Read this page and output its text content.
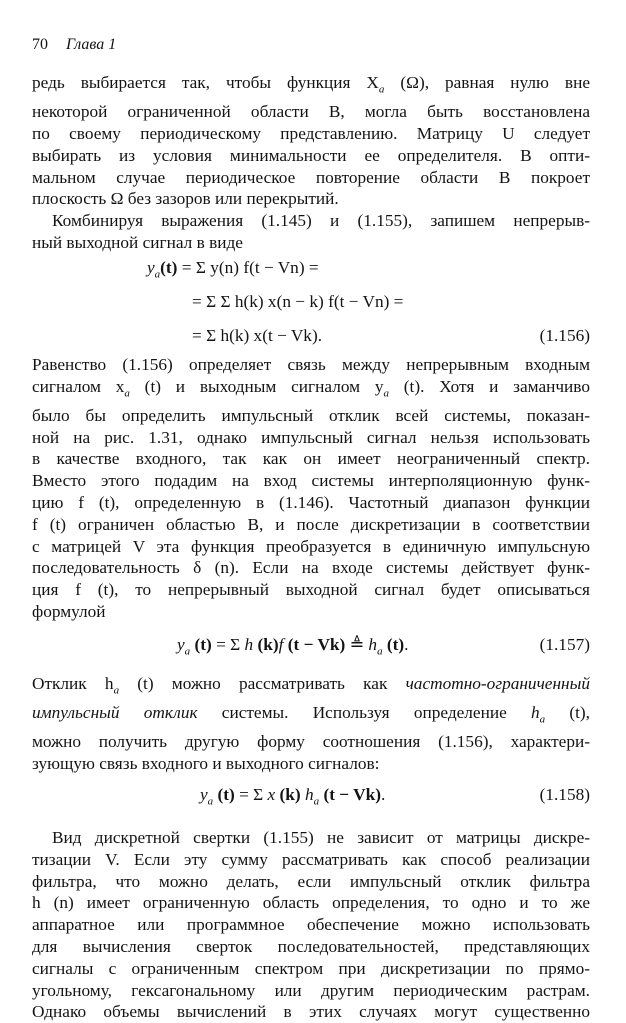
70 Глава 1
редь выбирается так, чтобы функция $X_a$ (Ω), равная нулю вне
некоторой ограниченной области B, могла быть восстановлена
по своему периодическому представлению. Матрицу U следует
выбирать из условия минимальности ее определителя. В опти-
мальном случае периодическое повторение области B покроет
плоскость Ω без зазоров или перекрытий.
Комбинируя выражения (1.145) и (1.155), запишем непрерыв-
ный выходной сигнал в виде
$y_a(t) = \Sigma$ y(n) f(t − Vn) =
= Σ Σ h(k) x(n − k) f(t − Vn) =
= Σ h(k) x(t − Vk).	(1.156)
Равенство (1.156) определяет связь между непрерывным входным
сигналом $x_a$ (t) и выходным сигналом $y_a$ (t). Хотя и заманчиво
было бы определить импульсный отклик всей системы, показан-
ной на рис. 1.31, однако импульсный сигнал нельзя использовать
в качестве входного, так как он имеет неограниченный спектр.
Вместо этого подадим на вход системы интерполяционную функ-
цию f (t), определенную в (1.146). Частотный диапазон функции
f (t) ограничен областью B, и после дискретизации в соответствии
с матрицей V эта функция преобразуется в единичную импульсную
последовательность δ (n). Если на входе системы действует функ-
ция f (t), то непрерывный выходной сигнал будет описываться
формулой
$y_a$ (t) = Σ h (k)f (t − Vk) ≜ $h_a$ (t).	(1.157)
Отклик $h_a$ (t) можно рассматривать как частотно-ограниченный
импульсный отклик системы. Используя определение $h_a$ (t),
можно получить другую форму соотношения (1.156), характери-
зующую связь входного и выходного сигналов:
$y_a$ (t) = Σ x (k) $h_a$ (t − Vk).	(1.158)
Вид дискретной свертки (1.155) не зависит от матрицы дискре-
тизации V. Если эту сумму рассматривать как способ реализации
фильтра, что можно делать, если импульсный отклик фильтра
h (n) имеет ограниченную область определения, то одно и то же
аппаратное или программное обеспечение можно использовать
для вычисления сверток последовательностей, представляющих
сигналы с ограниченным спектром при дискретизации по прямо-
угольному, гексагональному или другим периодическим растрам.
Однако объемы вычислений в этих случаях могут существенно
